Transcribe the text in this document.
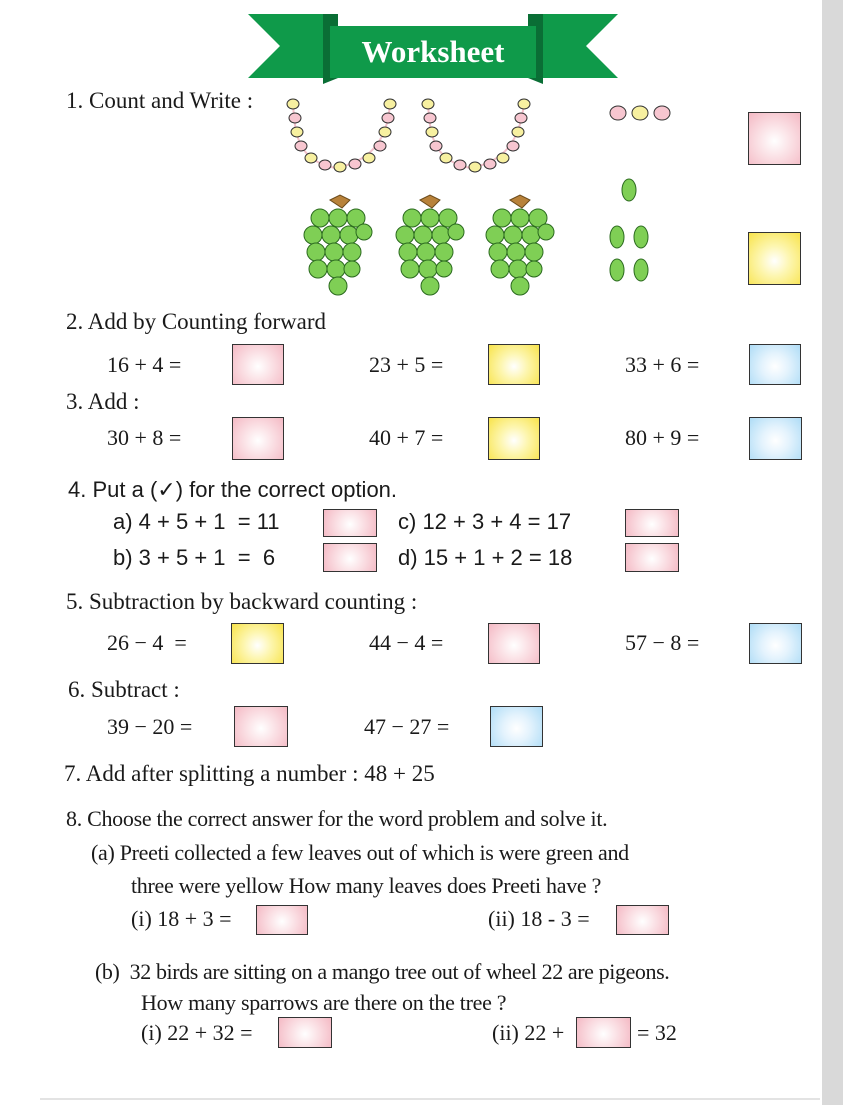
Worksheet
1. Count and Write :
2. Add by Counting forward
16 + 4 =	23 + 5 =	33 + 6 =
3. Add :
30 + 8 =	40 + 7 =	80 + 9 =
4. Put a (✓) for the correct option.
a) 4 + 5 + 1  = 11	c) 12 + 3 + 4 = 17
b) 3 + 5 + 1  =  6	d) 15 + 1 + 2 = 18
5. Subtraction by backward counting :
26 − 4  =	44 − 4 =	57 − 8 =
6. Subtract :
39 − 20 =	47 − 27 =
7. Add after splitting a number : 48 + 25
8. Choose the correct answer for the word problem and solve it.
(a) Preeti collected a few leaves out of which is were green and
three were yellow How many leaves does Preeti have ?
(i) 18 + 3 =	(ii) 18 - 3 =
(b)  32 birds are sitting on a mango tree out of wheel 22 are pigeons.
How many sparrows are there on the tree ?
(i) 22 + 32 =	(ii) 22 +	= 32
